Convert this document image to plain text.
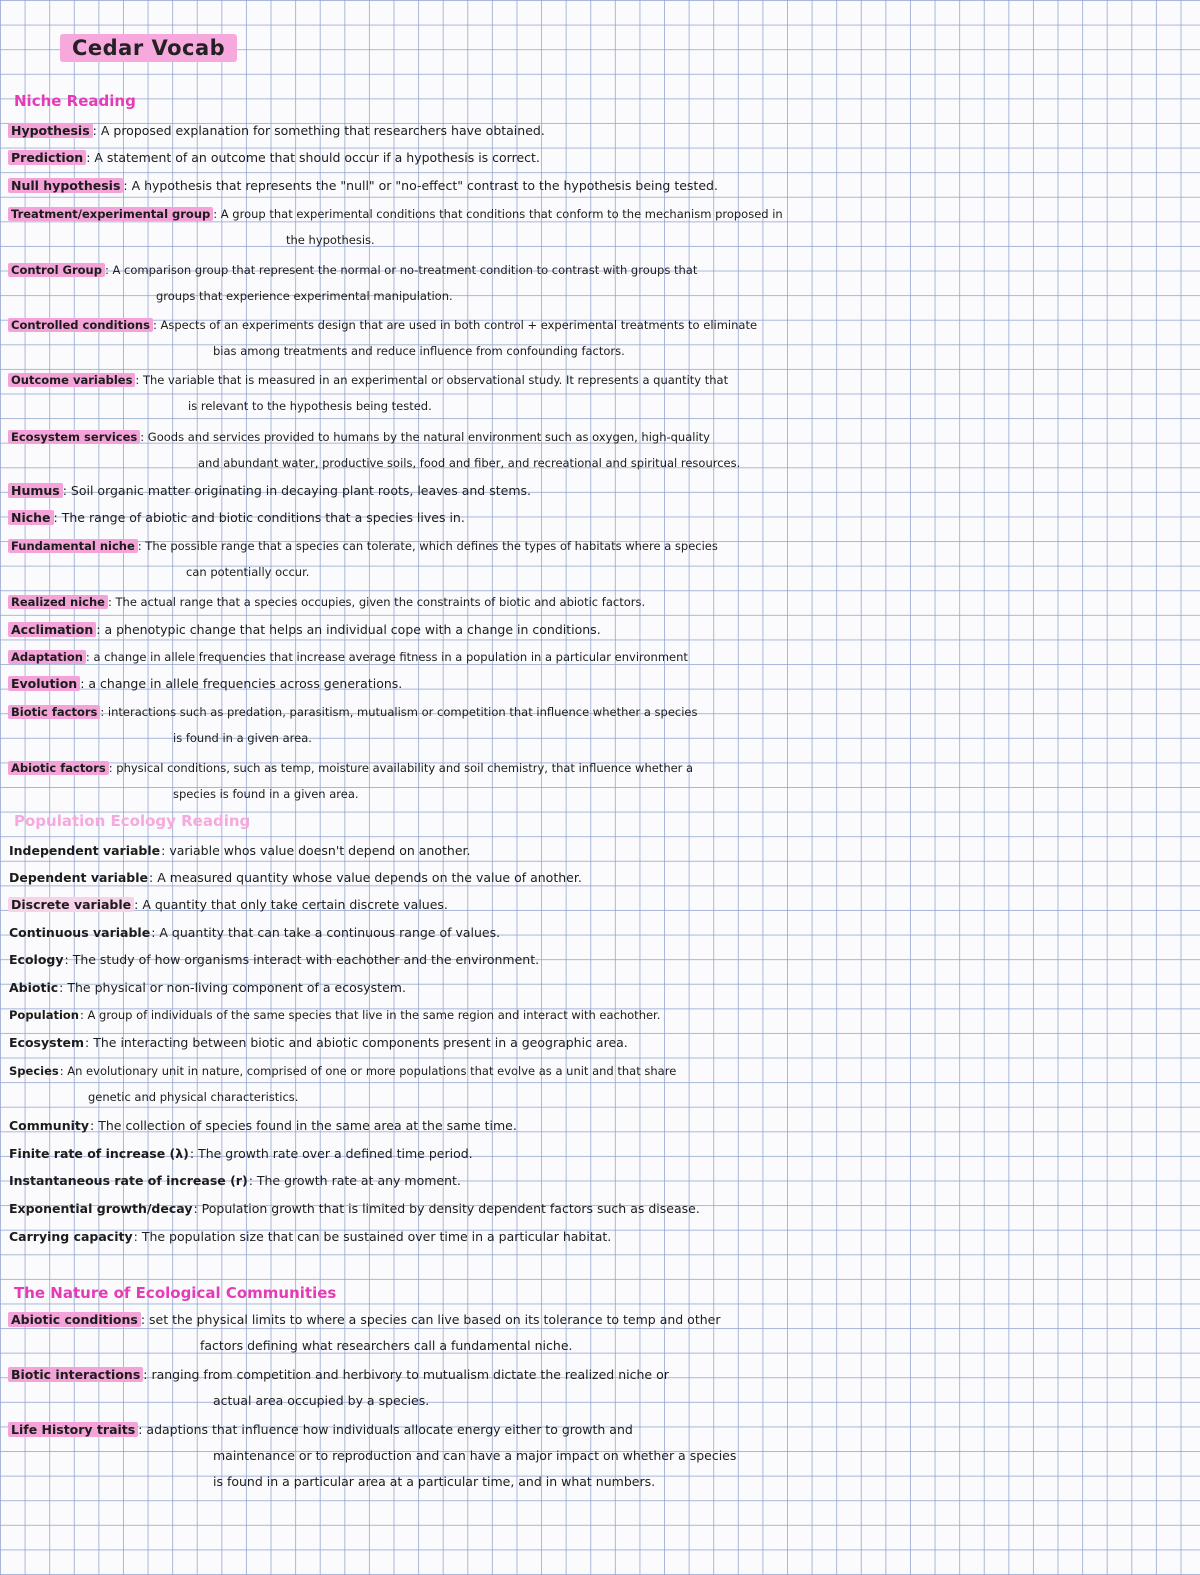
Cedar Vocab
Niche Reading
Hypothesis : A proposed explanation for something that researchers have obtained.
Prediction : A statement of an outcome that should occur if a hypothesis is correct.
Null hypothesis : A hypothesis that represents the "null" or "no-effect" contrast to the hypothesis being tested.
Treatment/experimental group : A group that experimental conditions that conditions that conform to the mechanism proposed in
the hypothesis.
Control Group : A comparison group that represent the normal or no-treatment condition to contrast with groups that
groups that experience experimental manipulation.
Controlled conditions : Aspects of an experiments design that are used in both control + experimental treatments to eliminate
bias among treatments and reduce influence from confounding factors.
Outcome variables : The variable that is measured in an experimental or observational study. It represents a quantity that
is relevant to the hypothesis being tested.
Ecosystem services : Goods and services provided to humans by the natural environment such as oxygen, high-quality
and abundant water, productive soils, food and fiber, and recreational and spiritual resources.
Humus : Soil organic matter originating in decaying plant roots, leaves and stems.
Niche : The range of abiotic and biotic conditions that a species lives in.
Fundamental niche : The possible range that a species can tolerate, which defines the types of habitats where a species
can potentially occur.
Realized niche : The actual range that a species occupies, given the constraints of biotic and abiotic factors.
Acclimation : a phenotypic change that helps an individual cope with a change in conditions.
Adaptation : a change in allele frequencies that increase average fitness in a population in a particular environment
Evolution : a change in allele frequencies across generations.
Biotic factors : interactions such as predation, parasitism, mutualism or competition that influence whether a species
is found in a given area.
Abiotic factors : physical conditions, such as temp, moisture availability and soil chemistry, that influence whether a
species is found in a given area.
Population Ecology Reading
Independent variable: variable whos value doesn't depend on another.
Dependent variable: A measured quantity whose value depends on the value of another.
Discrete variable : A quantity that only take certain discrete values.
Continuous variable: A quantity that can take a continuous range of values.
Ecology: The study of how organisms interact with eachother and the environment.
Abiotic: The physical or non-living component of a ecosystem.
Population: A group of individuals of the same species that live in the same region and interact with eachother.
Ecosystem: The interacting between biotic and abiotic components present in a geographic area.
Species: An evolutionary unit in nature, comprised of one or more populations that evolve as a unit and that share
genetic and physical characteristics.
Community: The collection of species found in the same area at the same time.
Finite rate of increase (λ): The growth rate over a defined time period.
Instantaneous rate of increase (r): The growth rate at any moment.
Exponential growth/decay: Population growth that is limited by density dependent factors such as disease.
Carrying capacity: The population size that can be sustained over time in a particular habitat.
The Nature of Ecological Communities
Abiotic conditions : set the physical limits to where a species can live based on its tolerance to temp and other
factors defining what researchers call a fundamental niche.
Biotic interactions : ranging from competition and herbivory to mutualism dictate the realized niche or
actual area occupied by a species.
Life History traits : adaptions that influence how individuals allocate energy either to growth and
maintenance or to reproduction and can have a major impact on whether a species
is found in a particular area at a particular time, and in what numbers.
